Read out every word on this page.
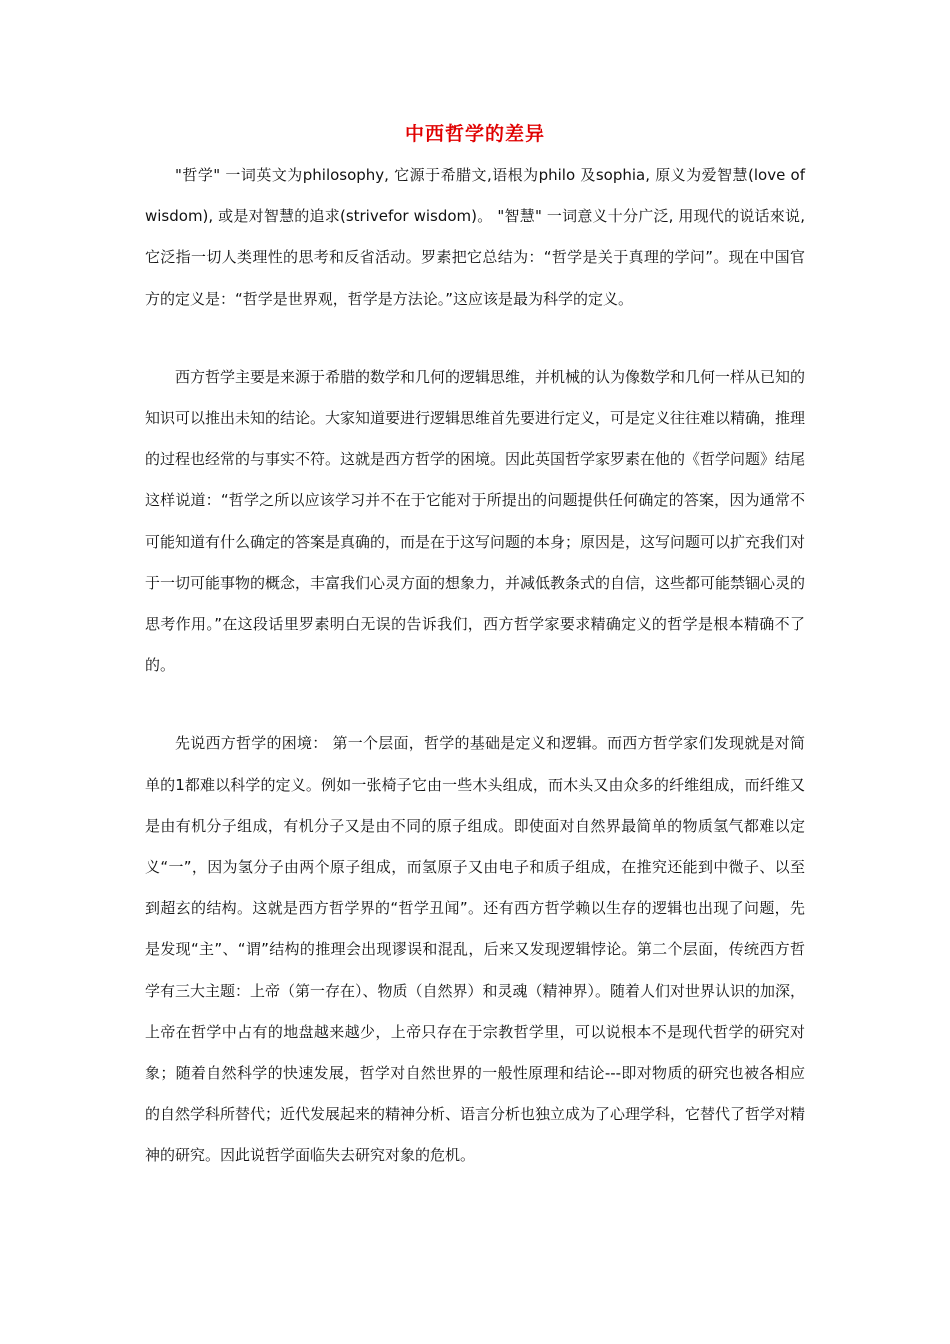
中西哲学的差异

"哲学" 一词英文为philosophy, 它源于希腊文,语根为philo 及sophia, 原义为爱智慧(love of wisdom), 或是对智慧的追求(strivefor wisdom)。 "智慧" 一词意义十分广泛, 用现代的说话來说, 它泛指一切人类理性的思考和反省活动。罗素把它总结为：“哲学是关于真理的学问”。现在中国官方的定义是：“哲学是世界观，哲学是方法论。”这应该是最为科学的定义。

西方哲学主要是来源于希腊的数学和几何的逻辑思维，并机械的认为像数学和几何一样从已知的知识可以推出未知的结论。大家知道要进行逻辑思维首先要进行定义，可是定义往往难以精确，推理的过程也经常的与事实不符。这就是西方哲学的困境。因此英国哲学家罗素在他的《哲学问题》结尾这样说道：“哲学之所以应该学习并不在于它能对于所提出的问题提供任何确定的答案，因为通常不可能知道有什么确定的答案是真确的，而是在于这写问题的本身；原因是，这写问题可以扩充我们对于一切可能事物的概念，丰富我们心灵方面的想象力，并减低教条式的自信，这些都可能禁锢心灵的思考作用。”在这段话里罗素明白无误的告诉我们，西方哲学家要求精确定义的哲学是根本精确不了的。

先说西方哲学的困境： 第一个层面，哲学的基础是定义和逻辑。而西方哲学家们发现就是对简单的1都难以科学的定义。例如一张椅子它由一些木头组成，而木头又由众多的纤维组成，而纤维又是由有机分子组成，有机分子又是由不同的原子组成。即使面对自然界最简单的物质氢气都难以定义“一”，因为氢分子由两个原子组成，而氢原子又由电子和质子组成，在推究还能到中微子、以至到超玄的结构。这就是西方哲学界的“哲学丑闻”。还有西方哲学赖以生存的逻辑也出现了问题，先是发现“主”、“谓”结构的推理会出现谬误和混乱，后来又发现逻辑悖论。第二个层面，传统西方哲学有三大主题：上帝（第一存在）、物质（自然界）和灵魂（精神界）。随着人们对世界认识的加深，上帝在哲学中占有的地盘越来越少，上帝只存在于宗教哲学里，可以说根本不是现代哲学的研究对象；随着自然科学的快速发展，哲学对自然世界的一般性原理和结论---即对物质的研究也被各相应的自然学科所替代；近代发展起来的精神分析、语言分析也独立成为了心理学科，它替代了哲学对精神的研究。因此说哲学面临失去研究对象的危机。
